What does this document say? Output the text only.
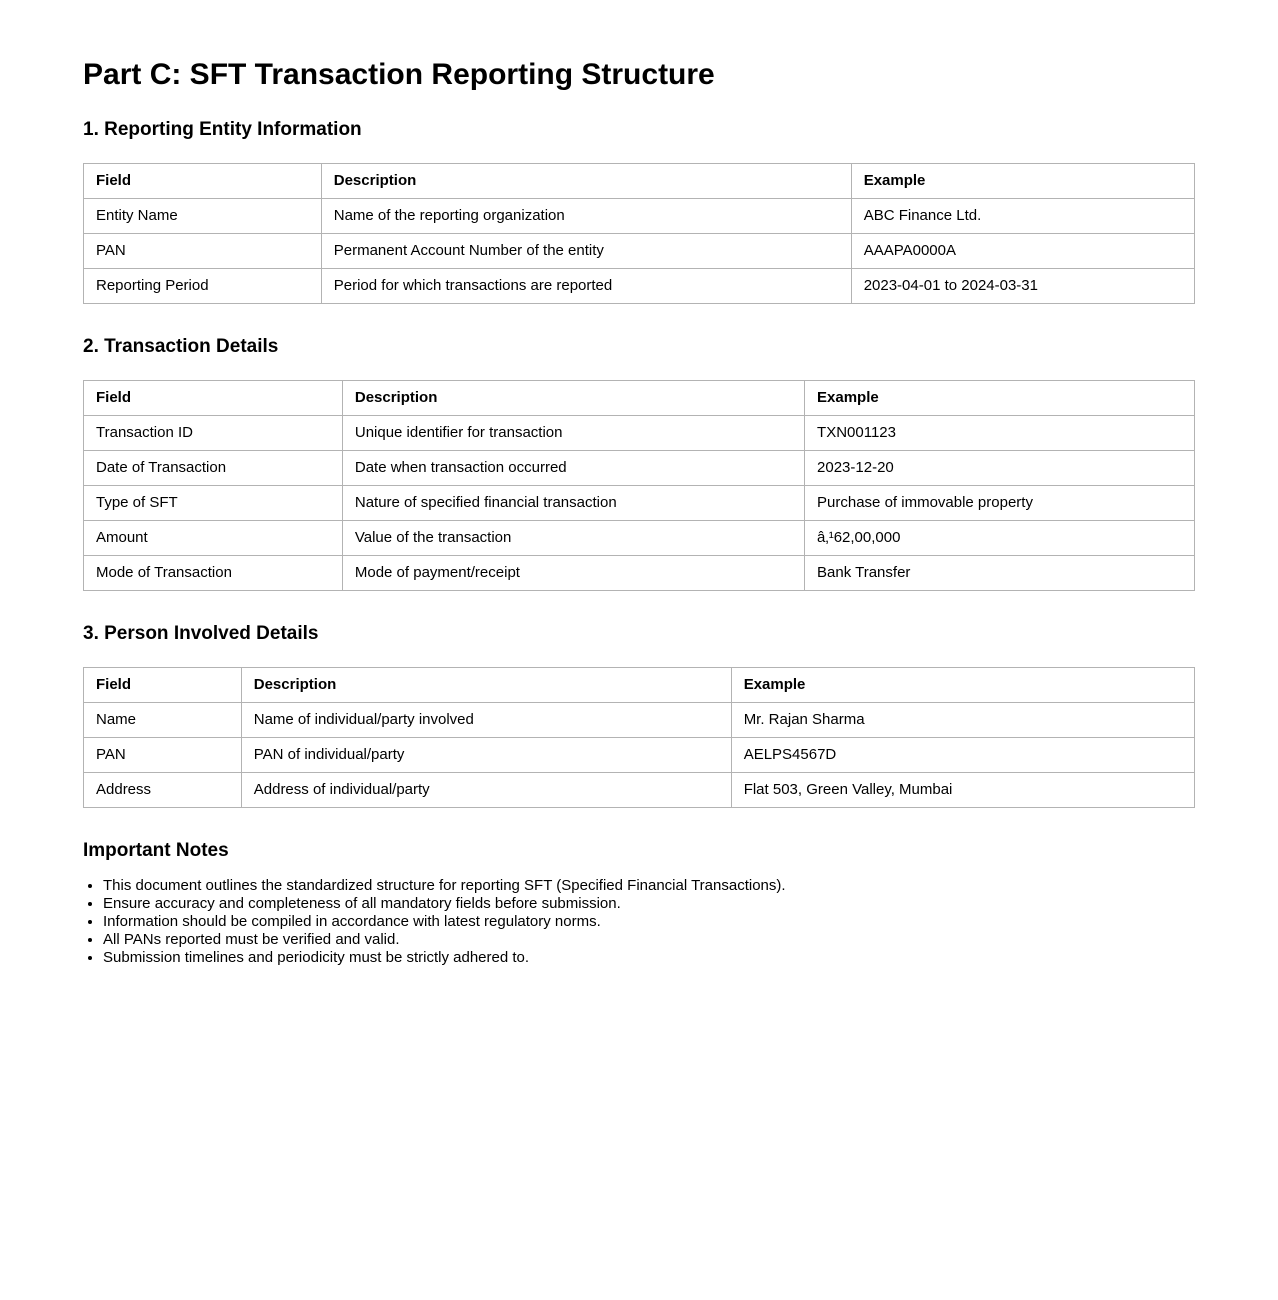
Part C: SFT Transaction Reporting Structure
1. Reporting Entity Information
Field	Description	Example
Entity Name	Name of the reporting organization	ABC Finance Ltd.
PAN	Permanent Account Number of the entity	AAAPA0000A
Reporting Period	Period for which transactions are reported	2023-04-01 to 2024-03-31
2. Transaction Details
Field	Description	Example
Transaction ID	Unique identifier for transaction	TXN001123
Date of Transaction	Date when transaction occurred	2023-12-20
Type of SFT	Nature of specified financial transaction	Purchase of immovable property
Amount	Value of the transaction	â‚¹62,00,000
Mode of Transaction	Mode of payment/receipt	Bank Transfer
3. Person Involved Details
Field	Description	Example
Name	Name of individual/party involved	Mr. Rajan Sharma
PAN	PAN of individual/party	AELPS4567D
Address	Address of individual/party	Flat 503, Green Valley, Mumbai
Important Notes
• This document outlines the standardized structure for reporting SFT (Specified Financial Transactions).
• Ensure accuracy and completeness of all mandatory fields before submission.
• Information should be compiled in accordance with latest regulatory norms.
• All PANs reported must be verified and valid.
• Submission timelines and periodicity must be strictly adhered to.
